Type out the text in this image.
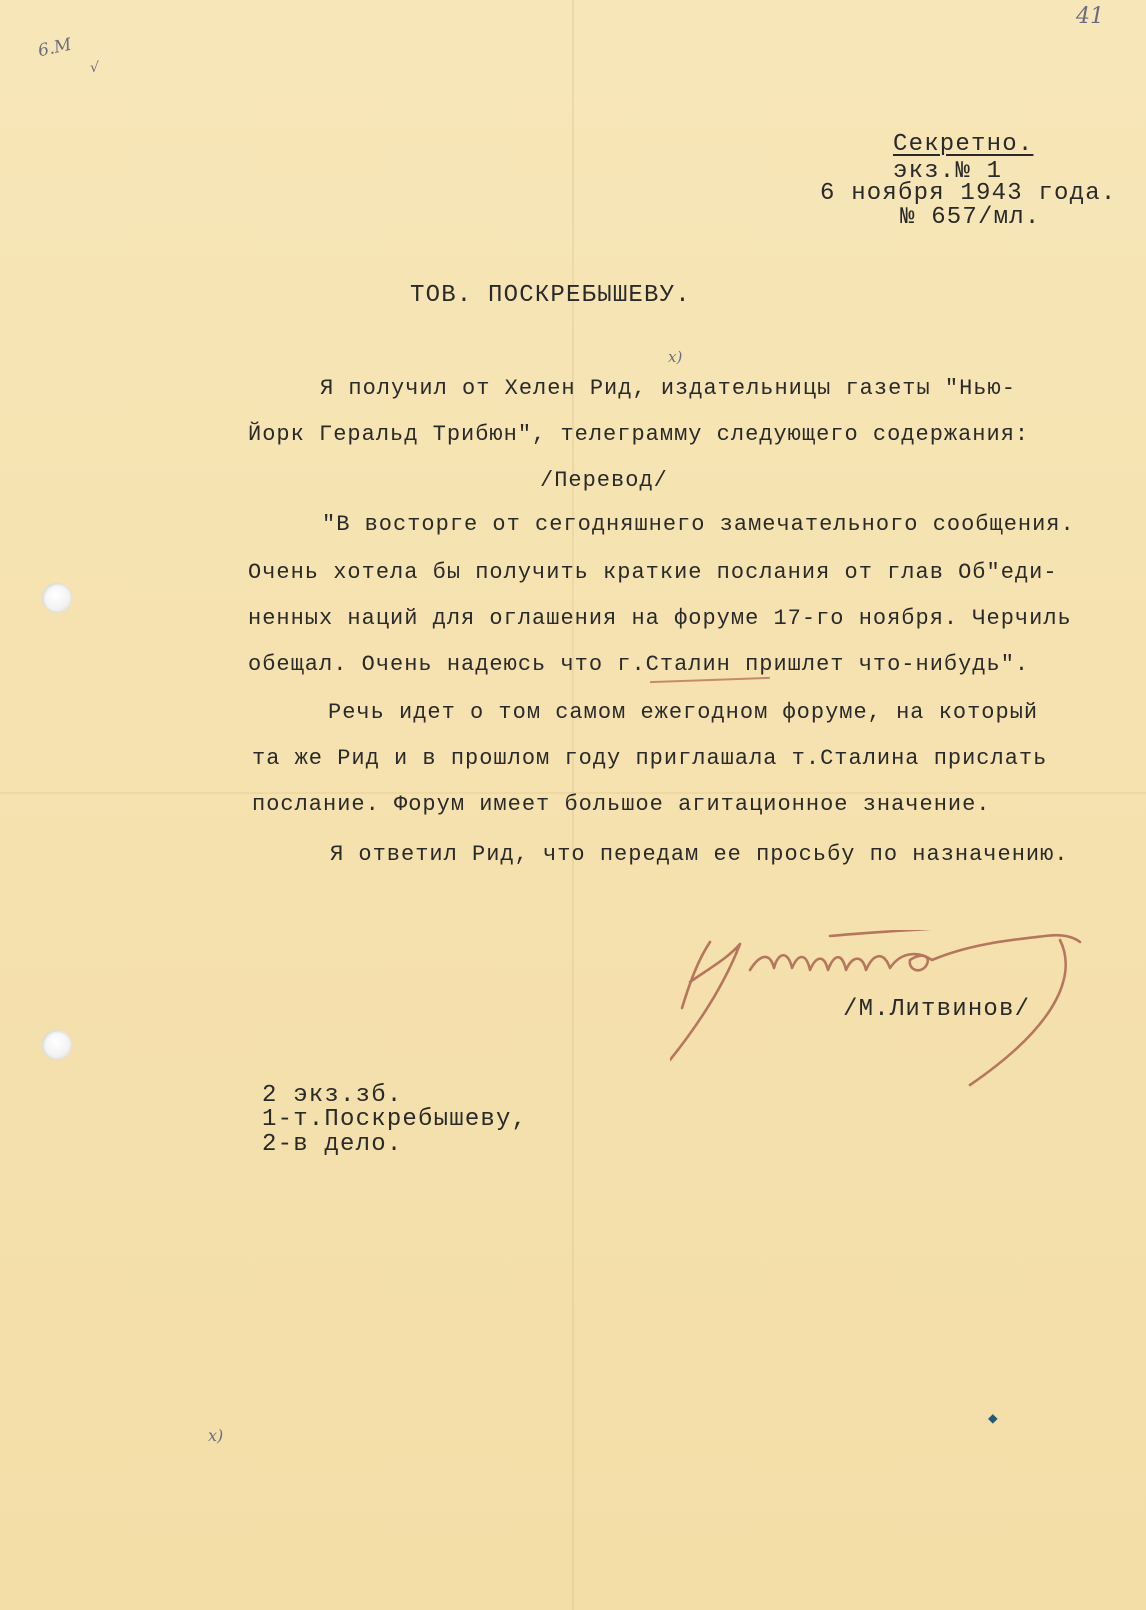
6.М
√
41
x)
x)
Секретно.
экз.№ 1
6 ноября 1943 года.
№ 657/мл.
ТОВ. ПОСКРЕБЫШЕВУ.
Я получил от Хелен Рид, издательницы газеты "Нью-
Йорк Геральд Трибюн", телеграмму следующего содержания:
/Перевод/
"В восторге от сегодняшнего замечательного сообщения.
Очень хотела бы получить краткие послания от глав Об"еди-
ненных наций для оглашения на форуме 17-го ноября. Черчиль
обещал. Очень надеюсь что г.Сталин пришлет что-нибудь".
Речь идет о том самом ежегодном форуме, на который
та же Рид и в прошлом году приглашала т.Сталина прислать
послание. Форум имеет большое агитационное значение.
Я ответил Рид, что передам ее просьбу по назначению.
/М.Литвинов/
2 экз.зб.
1-т.Поскребышеву,
2-в дело.
◆
